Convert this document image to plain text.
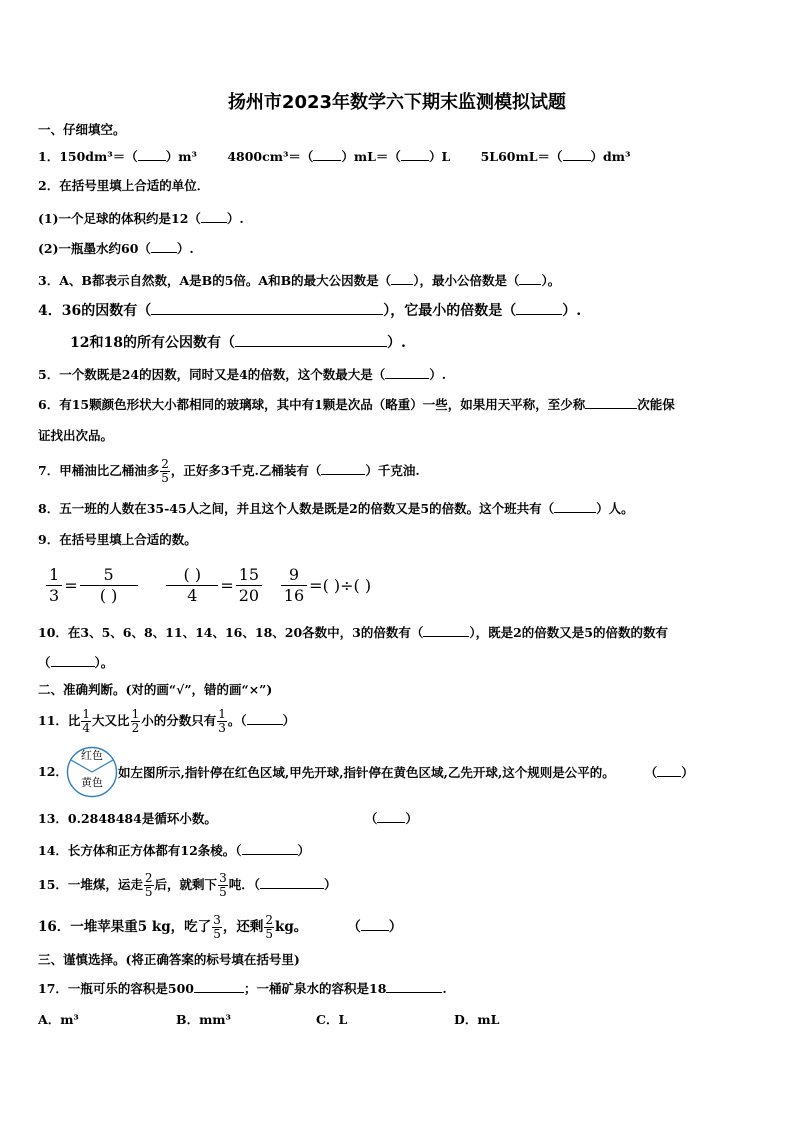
扬州市2023年数学六下期末监测模拟试题
一、仔细填空。
1．150dm³＝（ ）m³ 4800cm³＝（ ）mL＝（ ）L 5L60mL＝（ ）dm³
2．在括号里填上合适的单位．
(1)一个足球的体积约是12（ ）.
(2)一瓶墨水约60（ ）.
3．A、B都表示自然数，A是B的5倍。A和B的最大公因数是（ ），最小公倍数是（ ）。
4．36的因数有（	），它最小的倍数是（	）.
12和18的所有公因数有（	）.
5．一个数既是24的因数，同时又是4的倍数，这个数最大是（	）.
6．有15颗颜色形状大小都相同的玻璃球，其中有1颗是次品（略重）一些，如果用天平称，至少称	次能保
证找出次品。
7．甲桶油比乙桶油多 $\frac{2}{5}$ ，正好多3千克.乙桶装有（	）千克油.
8．五一班的人数在35-45人之间，并且这个人数是既是2的倍数又是5的倍数。这个班共有（	）人。
9．在括号里填上合适的数。
$\frac{1}{3}$ =
5
( )

( )
4
= $\frac{15}{20}$
$\frac{9}{16}$ =( )÷( )
10．在3、5、6、8、11、14、16、18、20各数中，3的倍数有（	），既是2的倍数又是5的倍数的数有
（	）。
二、准确判断。(对的画“√”，错的画“×”)
11．比 $\frac{1}{4}$ 大又比 $\frac{1}{2}$ 小的分数只有 $\frac{1}{3}$ 。（	）
12．
红色
黄色
如左图所示,指针停在红色区域,甲先开球,指针停在黄色区域,乙先开球,这个规则是公平的。 （ ）
13．0.2848484是循环小数。	（ ）
14．长方体和正方体都有12条棱。（	）
15．一堆煤，运走 $\frac{2}{5}$ 后，就剩下 $\frac{3}{5}$ 吨．（	）
16．一堆苹果重5 kg，吃了 $\frac{3}{5}$ ，还剩 $\frac{2}{5}$ kg。	（ ）
三、谨慎选择。(将正确答案的标号填在括号里)
17．一瓶可乐的容积是500	；一桶矿泉水的容积是18	.
A．m³	B．mm³	C．L	D．mL
